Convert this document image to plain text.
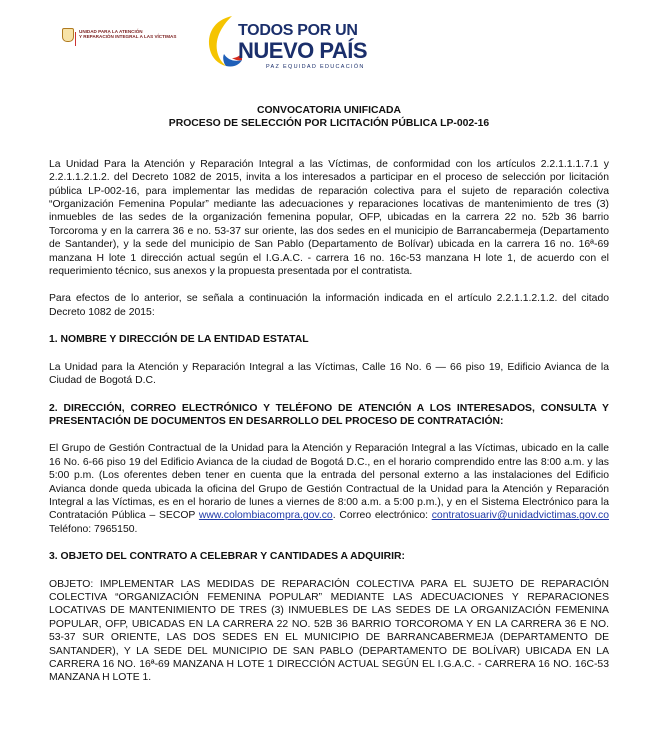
UNIDAD PARA LA ATENCIÓN
Y REPARACIÓN INTEGRAL A LAS VÍCTIMAS	TODOS POR UN
NUEVO PAÍS
PAZ EQUIDAD EDUCACIÓN
CONVOCATORIA UNIFICADA
PROCESO DE SELECCIÓN POR LICITACIÓN PÚBLICA LP-002-16

La Unidad Para la Atención y Reparación Integral a las Víctimas, de conformidad con los artículos 2.2.1.1.1.7.1 y 2.2.1.1.2.1.2. del Decreto 1082 de 2015, invita a los interesados a participar en el proceso de selección por licitación pública LP-002-16, para implementar las medidas de reparación colectiva para el sujeto de reparación colectiva “Organización Femenina Popular” mediante las adecuaciones y reparaciones locativas de mantenimiento de tres (3) inmuebles de las sedes de la organización femenina popular, OFP, ubicadas en la carrera 22 no. 52b 36 barrio Torcoroma y en la carrera 36 e no. 53-37 sur oriente, las dos sedes en el municipio de Barrancabermeja (Departamento de Santander), y la sede del municipio de San Pablo (Departamento de Bolívar) ubicada en la carrera 16 no. 16ª-69 manzana H lote 1 dirección actual según el I.G.A.C. - carrera 16 no. 16c-53 manzana H lote 1, de acuerdo con el requerimiento técnico, sus anexos y la propuesta presentada por el contratista.

Para efectos de lo anterior, se señala a continuación la información indicada en el artículo 2.2.1.1.2.1.2. del citado Decreto 1082 de 2015:

1. NOMBRE Y DIRECCIÓN DE LA ENTIDAD ESTATAL

La Unidad para la Atención y Reparación Integral a las Víctimas, Calle 16 No. 6 — 66 piso 19, Edificio Avianca de la Ciudad de Bogotá D.C.

2. DIRECCIÓN, CORREO ELECTRÓNICO Y TELÉFONO DE ATENCIÓN A LOS INTERESADOS, CONSULTA Y PRESENTACIÓN DE DOCUMENTOS EN DESARROLLO DEL PROCESO DE CONTRATACIÓN:

El Grupo de Gestión Contractual de la Unidad para la Atención y Reparación Integral a las Víctimas, ubicado en la calle 16 No. 6-66 piso 19 del Edificio Avianca de la ciudad de Bogotá D.C., en el horario comprendido entre las 8:00 a.m. y las 5:00 p.m. (Los oferentes deben tener en cuenta que la entrada del personal externo a las instalaciones del Edificio Avianca donde queda ubicada la oficina del Grupo de Gestión Contractual de la Unidad para la Atención y Reparación Integral a las Víctimas, es en el horario de lunes a viernes de 8:00 a.m. a 5:00 p.m.), y en el Sistema Electrónico para la Contratación Pública – SECOP www.colombiacompra.gov.co. Correo electrónico: contratosuariv@unidadvictimas.gov.co Teléfono: 7965150.

3. OBJETO DEL CONTRATO A CELEBRAR Y CANTIDADES A ADQUIRIR:

OBJETO: IMPLEMENTAR LAS MEDIDAS DE REPARACIÓN COLECTIVA PARA EL SUJETO DE REPARACIÓN COLECTIVA “ORGANIZACIÓN FEMENINA POPULAR” MEDIANTE LAS ADECUACIONES Y REPARACIONES LOCATIVAS DE MANTENIMIENTO DE TRES (3) INMUEBLES DE LAS SEDES DE LA ORGANIZACIÓN FEMENINA POPULAR, OFP, UBICADAS EN LA CARRERA 22 NO. 52B 36 BARRIO TORCOROMA Y EN LA CARRERA 36 E NO. 53-37 SUR ORIENTE, LAS DOS SEDES EN EL MUNICIPIO DE BARRANCABERMEJA (DEPARTAMENTO DE SANTANDER), Y LA SEDE DEL MUNICIPIO DE SAN PABLO (DEPARTAMENTO DE BOLÍVAR) UBICADA EN LA CARRERA 16 NO. 16ª-69 MANZANA H LOTE 1 DIRECCIÓN ACTUAL SEGÚN EL I.G.A.C. - CARRERA 16 NO. 16C-53 MANZANA H LOTE 1.
